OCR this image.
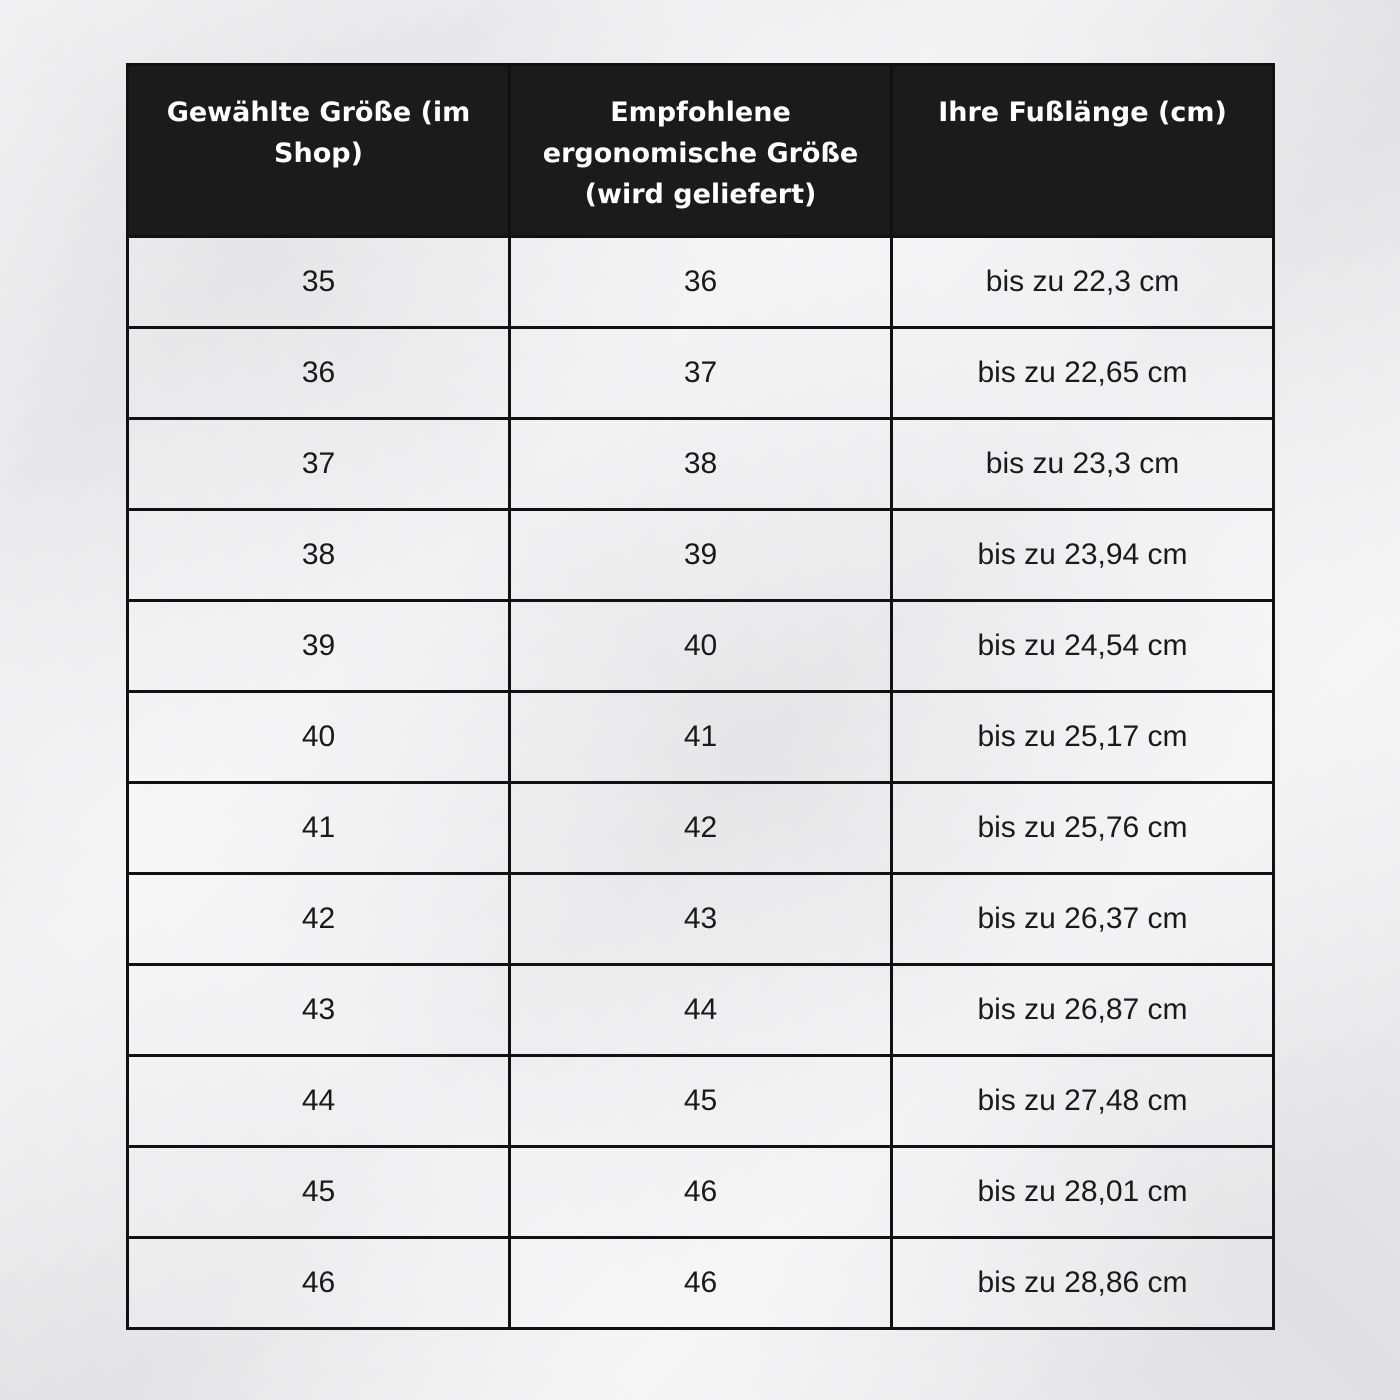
Gewählte Größe (im Shop)	Empfohlene ergonomische Größe (wird geliefert)	Ihre Fußlänge (cm)
35	36	bis zu 22,3 cm
36	37	bis zu 22,65 cm
37	38	bis zu 23,3 cm
38	39	bis zu 23,94 cm
39	40	bis zu 24,54 cm
40	41	bis zu 25,17 cm
41	42	bis zu 25,76 cm
42	43	bis zu 26,37 cm
43	44	bis zu 26,87 cm
44	45	bis zu 27,48 cm
45	46	bis zu 28,01 cm
46	46	bis zu 28,86 cm
